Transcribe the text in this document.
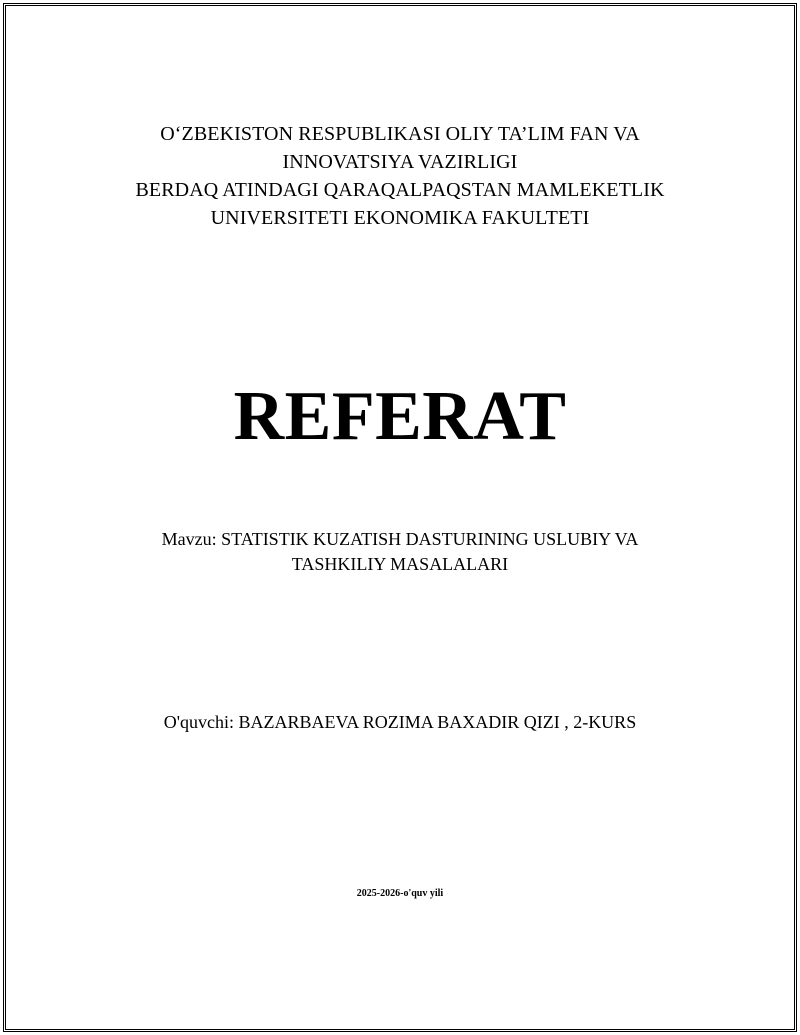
O‘ZBEKISTON RESPUBLIKASI OLIY TA’LIM FAN VA
INNOVATSIYA VAZIRLIGI
BERDAQ ATINDAGI QARAQALPAQSTAN MAMLEKETLIK
UNIVERSITETI EKONOMIKA FAKULTETI
REFERAT
Mavzu: STATISTIK KUZATISH DASTURINING USLUBIY VA
TASHKILIY MASALALARI
O'quvchi: BAZARBAEVA ROZIMA BAXADIR QIZI , 2-KURS
2025-2026-o'quv yili
